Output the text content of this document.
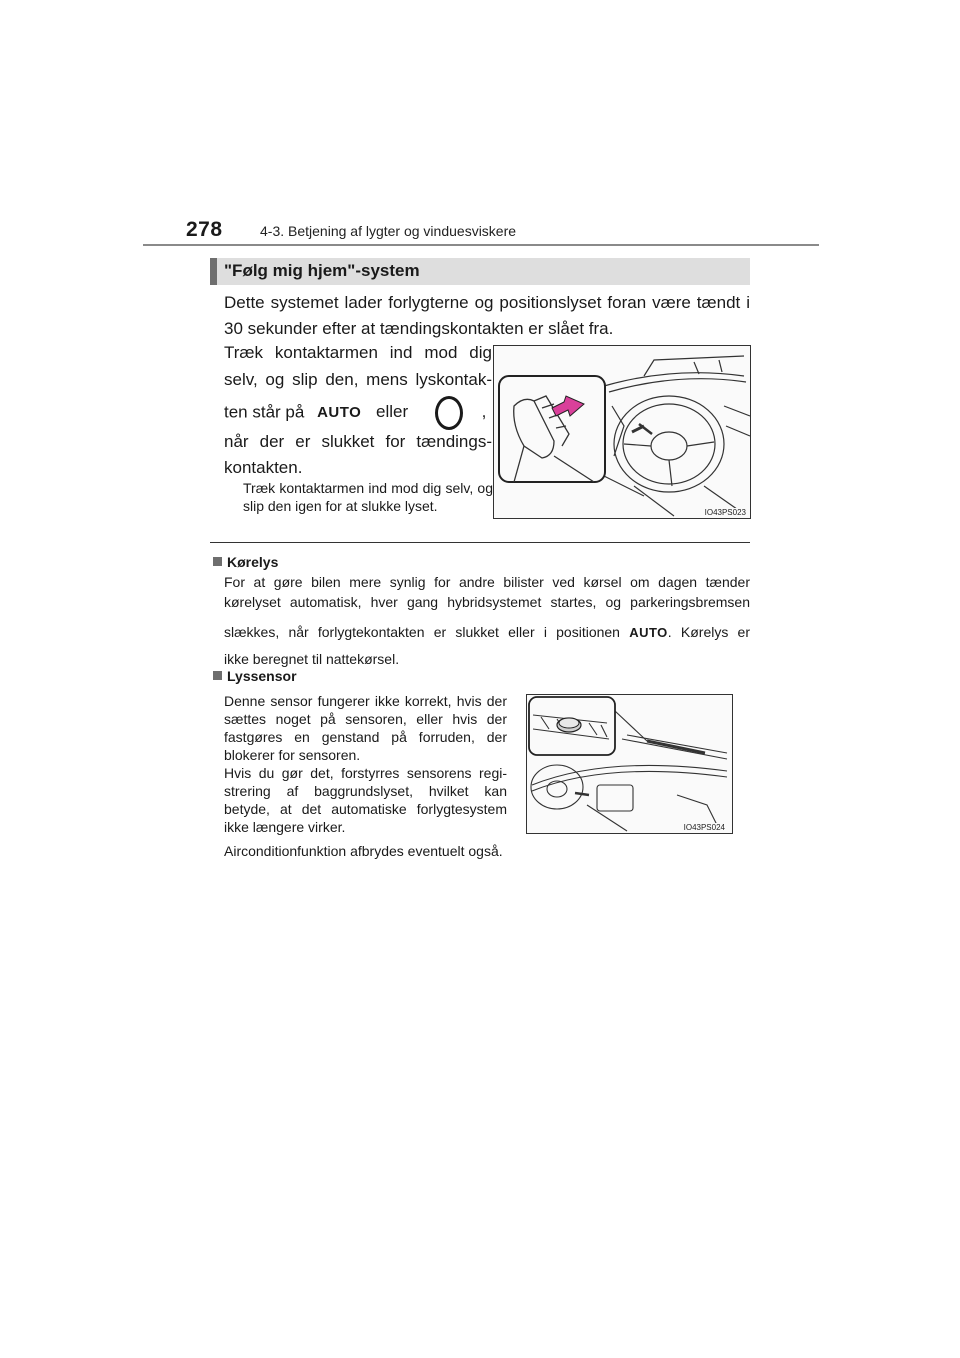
278	4-3. Betjening af lygter og vinduesviskere
"Følg mig hjem"-system
Dette systemet lader forlygterne og positionslyset foran være tændt i 30 sekunder efter at tændingskontakten er slået fra.
Træk kontaktarmen ind mod dig
selv, og slip den, mens lyskontak-
ten står på AUTO eller	,
når der er slukket for tændings-
kontakten.
Træk kontaktarmen ind mod dig selv, og slip den igen for at slukke lyset.	IO43PS023
Kørelys
For at gøre bilen mere synlig for andre bilister ved kørsel om dagen tænder
kørelyset automatisk, hver gang hybridsystemet startes, og parkeringsbremsen
slækkes, når forlygtekontakten er slukket eller i positionen AUTO. Kørelys er
ikke beregnet til nattekørsel.
Lyssensor
Denne sensor fungerer ikke korrekt, hvis der sættes noget på sensoren, eller hvis der fastgøres en genstand på forruden, der blokerer for sensoren.
Hvis du gør det, forstyrres sensorens regi-strering af baggrundslyset, hvilket kan betyde, at det automatiske forlygtesystem ikke længere virker.
Airconditionfunktion afbrydes eventuelt også.
IO43PS024
